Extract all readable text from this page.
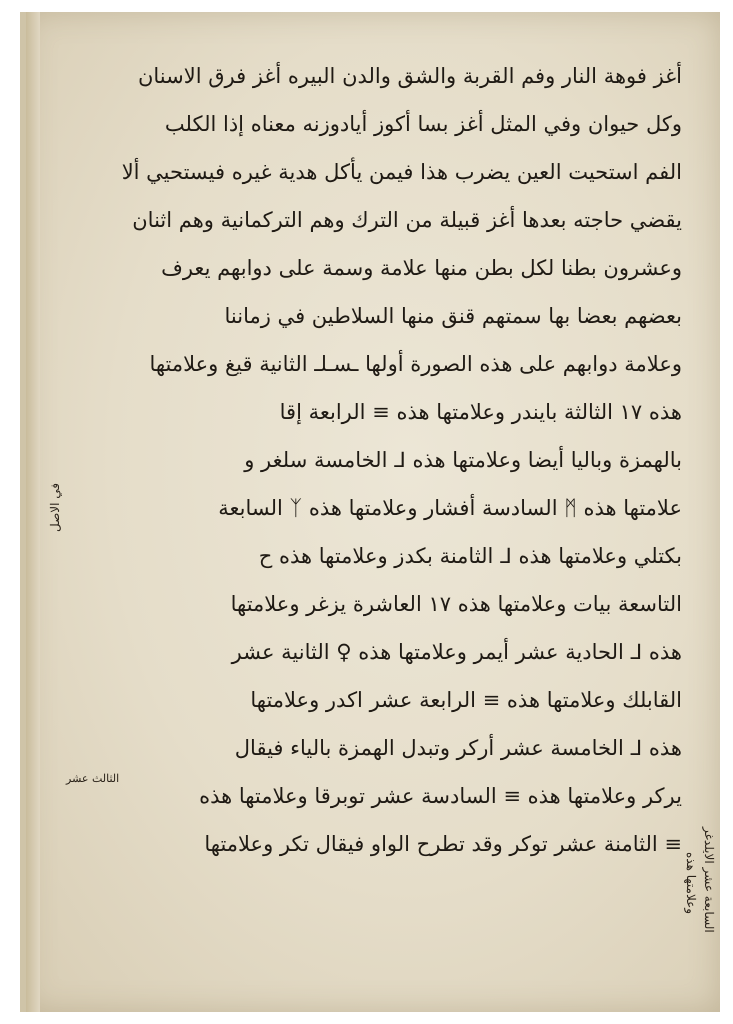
أغز فوهة النار وفم القربة والشق والدن البيره أغز فرق الاسنان
وكل حيوان وفي المثل أغز بسا أكوز أيادوزنه معناه إذا الكلب
الفم استحيت العين يضرب هذا فيمن يأكل هدية غيره فيستحيي ألا
يقضي حاجته بعدها أغز قبيلة من الترك وهم التركمانية وهم اثنان
وعشرون بطنا لكل بطن منها علامة وسمة على دوابهم يعرف
بعضهم بعضا بها سمتهم قنق منها السلاطين في زماننا
وعلامة دوابهم على هذه الصورة أولها ـسـلـ الثانية قيغ وعلامتها
هذه ١٧ الثالثة بايندر وعلامتها هذه ≡ الرابعة إقا
بالهمزة وباليا أيضا وعلامتها هذه ⅃ الخامسة سلغر و
علامتها هذه ᛗ السادسة أفشار وعلامتها هذه ᛉ السابعة
بكتلي وعلامتها هذه ⅃ الثامنة بكدز وعلامتها هذه ح
التاسعة بيات وعلامتها هذه ١٧ العاشرة يزغر وعلامتها
هذه ⅃ الحادية عشر أيمر وعلامتها هذه ♀ الثانية عشر
القابلك وعلامتها هذه ≡ الرابعة عشر اكدر وعلامتها
هذه ⅃ الخامسة عشر أركر وتبدل الهمزة بالياء فيقال
يركر وعلامتها هذه ≡ السادسة عشر توبرقا وعلامتها هذه
≡ الثامنة عشر توكر وقد تطرح الواو فيقال تكر وعلامتها
في الاصل
الثالث عشر
السابعة عشر الايلدغر
وعلامتها هذه
